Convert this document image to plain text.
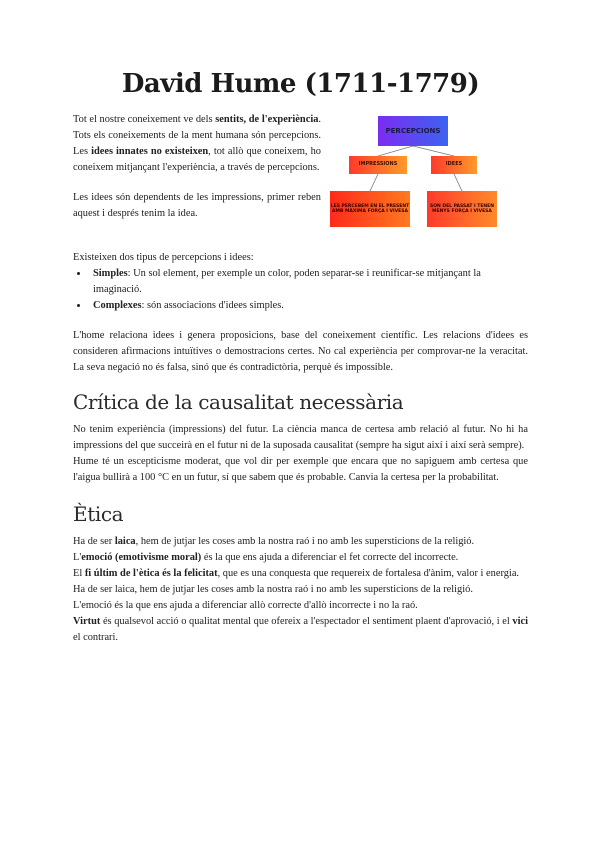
David Hume (1711-1779)

Tot el nostre coneixement ve dels sentits, de l'experiència. Tots els coneixements de la ment humana són percepcions. Les idees innates no existeixen, tot allò que coneixem, ho coneixem mitjançant l'experiència, a través de percepcions.

Les idees són dependents de les impressions, primer reben aquest i després tenim la idea.

PERCEPCIONS
IMPRESSIONS	IDEES
LES PERCEBEM EN EL PRESENT AMB MÀXIMA FORÇA I VIVESA
SON DEL PASSAT I TENEN MENYS FORÇA I VIVESA

Existeixen dos tipus de percepcions i idees:

• Simples: Un sol element, per exemple un color, poden separar-se i reunificar-se mitjançant la imaginació.
• Complexes: són associacions d'idees simples.

L'home relaciona idees i genera proposicions, base del coneixement científic. Les relacions d'idees es consideren afirmacions intuïtives o demostracions certes. No cal experiència per comprovar-ne la veracitat. La seva negació no és falsa, sinó que és contradictòria, perquè és impossible.

Crítica de la causalitat necessària

No tenim experiència (impressions) del futur. La ciència manca de certesa amb relació al futur. No hi ha impressions del que succeirà en el futur ni de la suposada causalitat (sempre ha sigut així i així serà sempre).

Hume té un escepticisme moderat, que vol dir per exemple que encara que no sapiguem amb certesa que l'aigua bullirà a 100 °C en un futur, sí que sabem que és probable. Canvia la certesa per la probabilitat.

Ètica

Ha de ser laica, hem de jutjar les coses amb la nostra raó i no amb les supersticions de la religió.

L'emoció (emotivisme moral) és la que ens ajuda a diferenciar el fet correcte del incorrecte.

El fi últim de l'ètica és la felicitat, que es una conquesta que requereix de fortalesa d'ànim, valor i energia.

Ha de ser laica, hem de jutjar les coses amb la nostra raó i no amb les supersticions de la religió.

L'emoció és la que ens ajuda a diferenciar allò correcte d'allò incorrecte i no la raó.

Virtut és qualsevol acció o qualitat mental que ofereix a l'espectador el sentiment plaent d'aprovació, i el vici el contrari.
